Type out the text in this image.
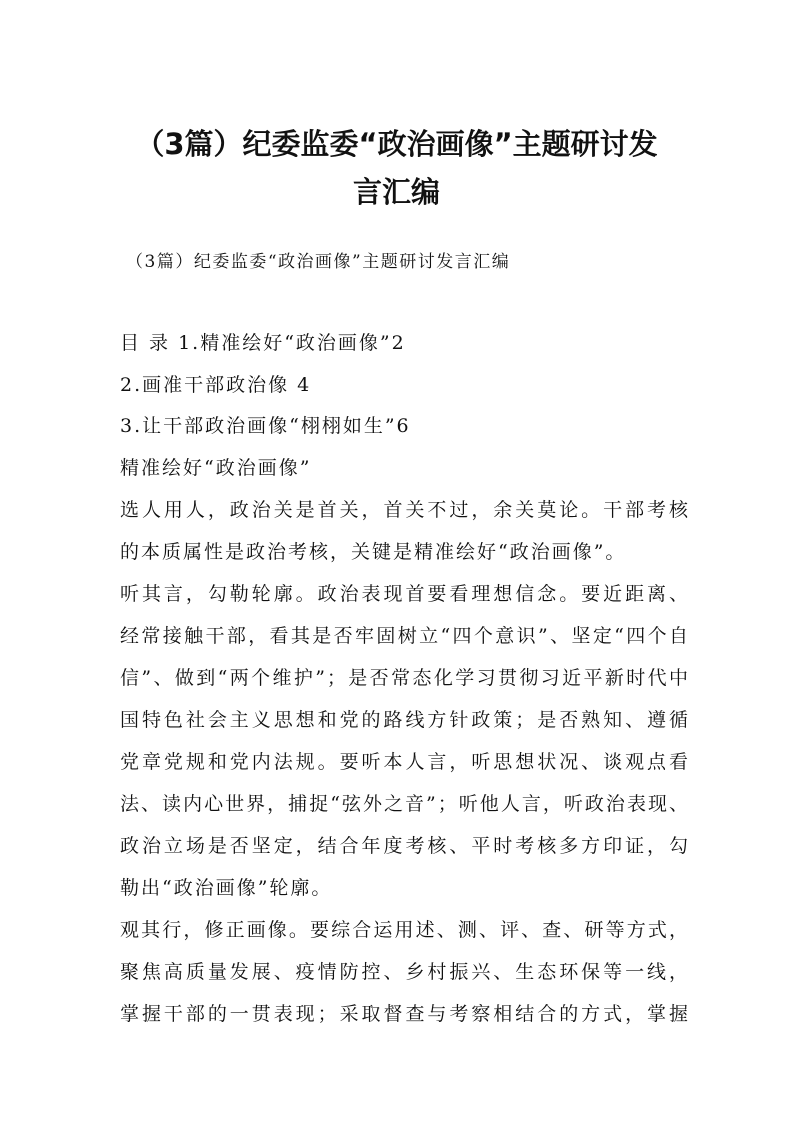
（3篇）纪委监委“政治画像”主题研讨发
言汇编
（3篇）纪委监委“政治画像”主题研讨发言汇编
目 录 1.精准绘好“政治画像”2
2.画准干部政治像 4
3.让干部政治画像“栩栩如生”6
精准绘好“政治画像”
选人用人，政治关是首关，首关不过，余关莫论。干部考核
的本质属性是政治考核，关键是精准绘好“政治画像”。
听其言，勾勒轮廓。政治表现首要看理想信念。要近距离、
经常接触干部，看其是否牢固树立“四个意识”、坚定“四个自
信”、做到“两个维护”；是否常态化学习贯彻习近平新时代中
国特色社会主义思想和党的路线方针政策；是否熟知、遵循
党章党规和党内法规。要听本人言，听思想状况、谈观点看
法、读内心世界，捕捉“弦外之音”；听他人言，听政治表现、
政治立场是否坚定，结合年度考核、平时考核多方印证，勾
勒出“政治画像”轮廓。
观其行，修正画像。要综合运用述、测、评、查、研等方式，
聚焦高质量发展、疫情防控、乡村振兴、生态环保等一线，
掌握干部的一贯表现；采取督查与考察相结合的方式，掌握
